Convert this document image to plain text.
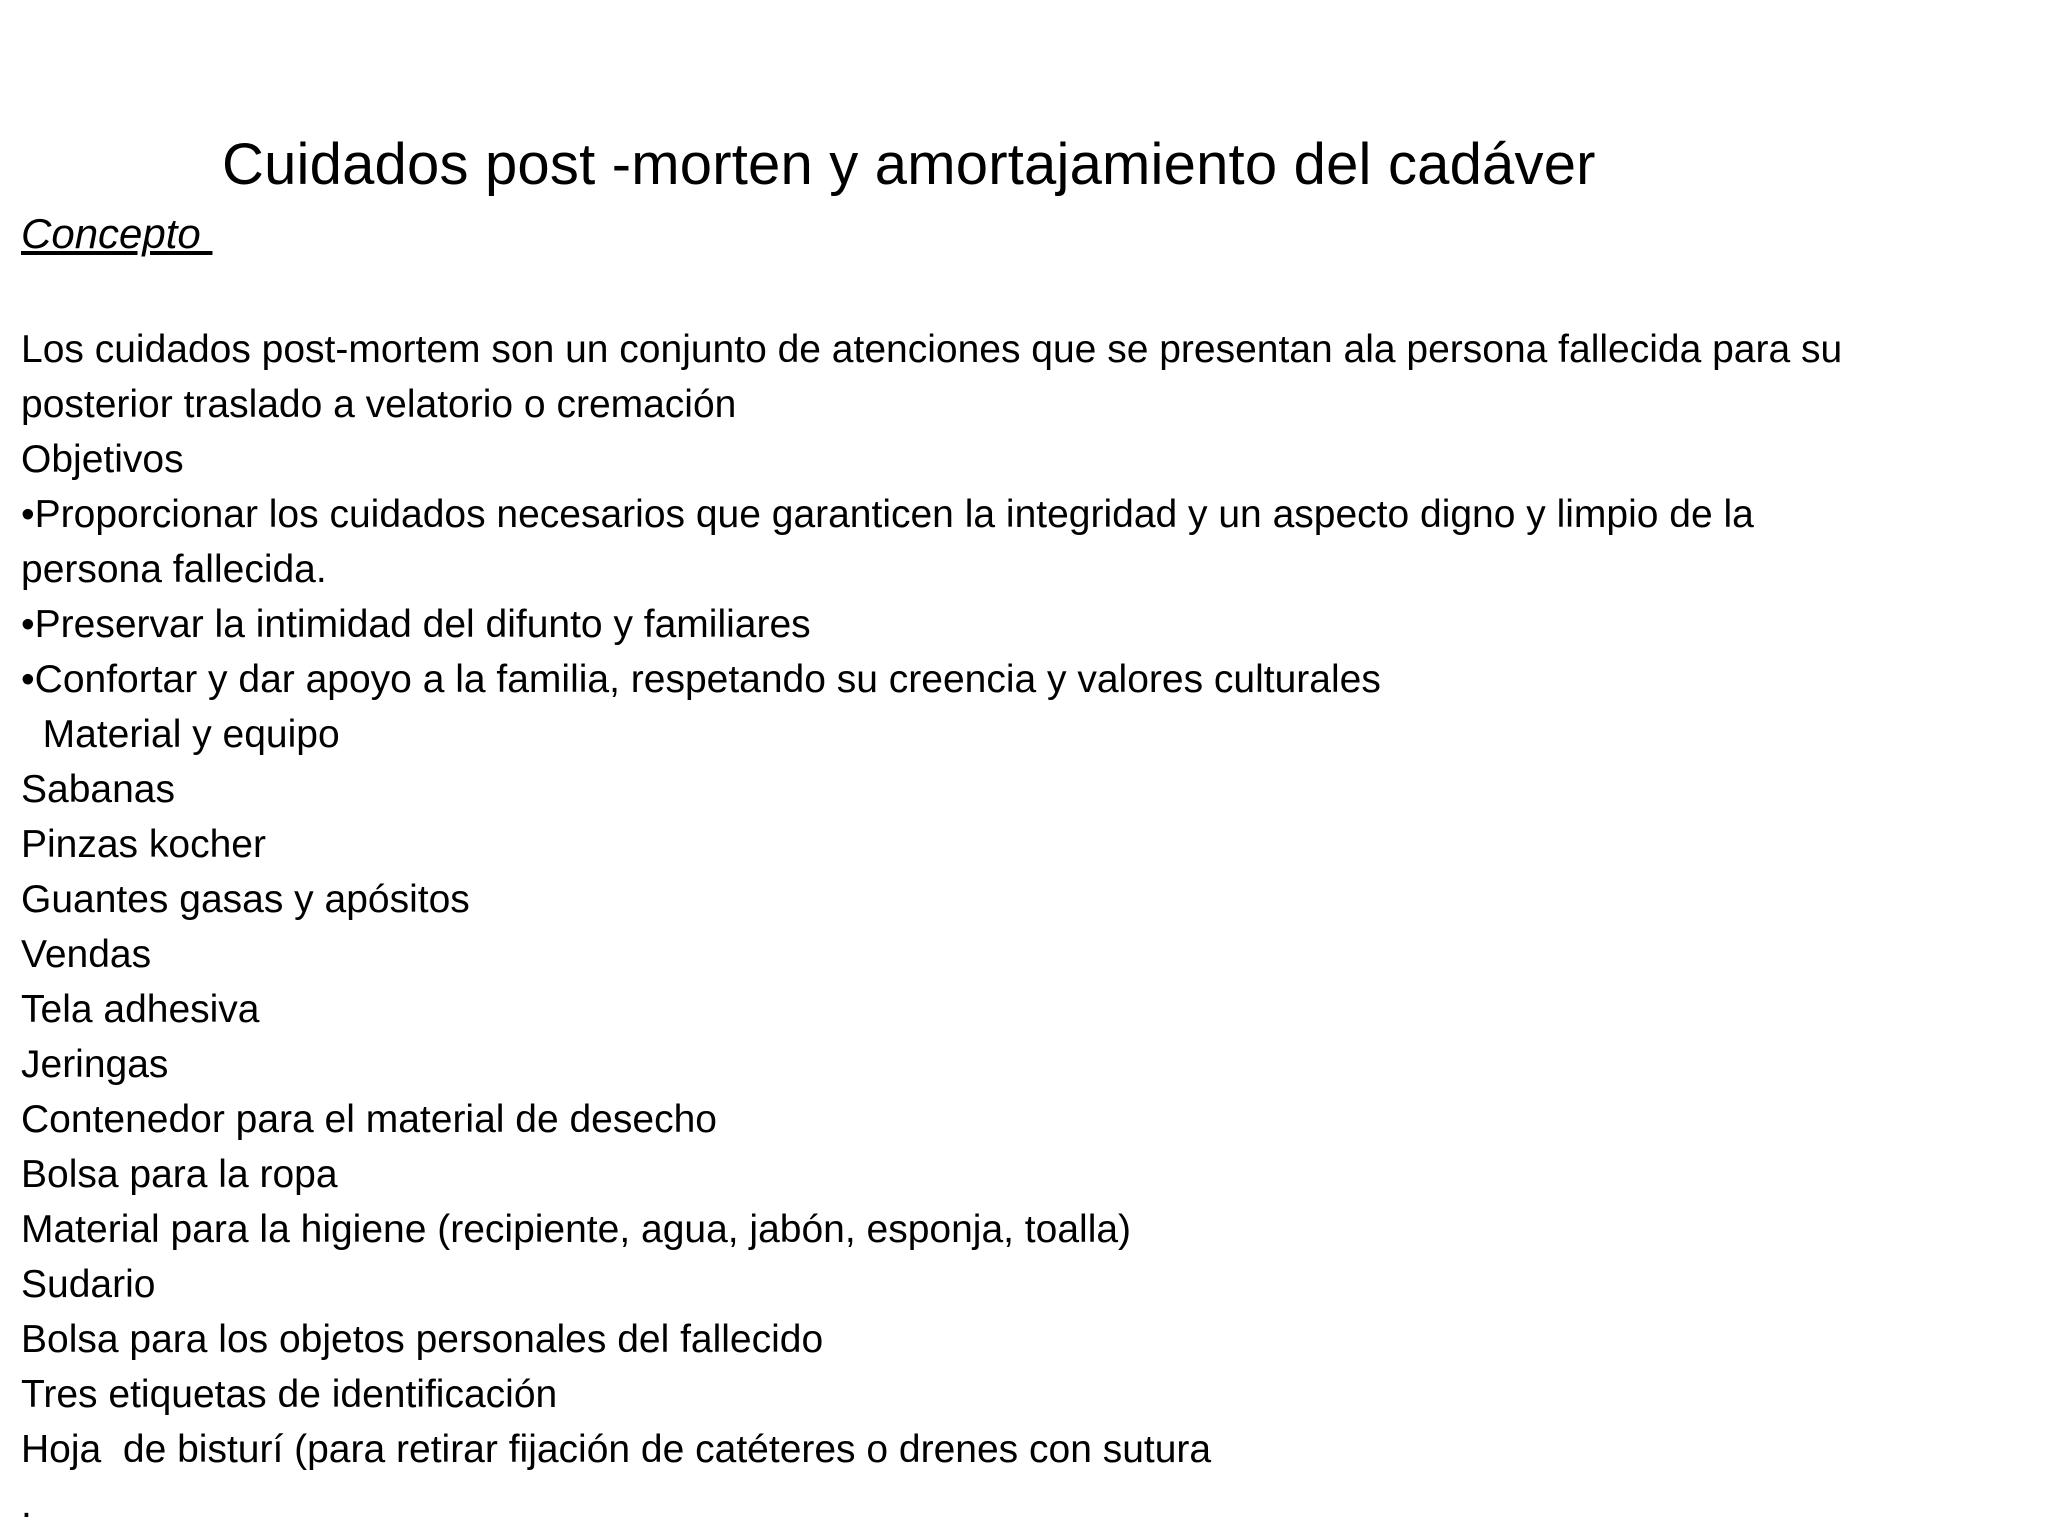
Cuidados post -morten y amortajamiento del cadáver
Concepto
Los cuidados post-mortem son un conjunto de atenciones que se presentan ala persona fallecida para su
posterior traslado a velatorio o cremación
Objetivos
•Proporcionar los cuidados necesarios que garanticen la integridad y un aspecto digno y limpio de la
persona fallecida.
•Preservar la intimidad del difunto y familiares
•Confortar y dar apoyo a la familia, respetando su creencia y valores culturales
Material y equipo
Sabanas
Pinzas kocher
Guantes gasas y apósitos
Vendas
Tela adhesiva
Jeringas
Contenedor para el material de desecho
Bolsa para la ropa
Material para la higiene (recipiente, agua, jabón, esponja, toalla)
Sudario
Bolsa para los objetos personales del fallecido
Tres etiquetas de identificación
Hoja  de bisturí (para retirar fijación de catéteres o drenes con sutura
.
